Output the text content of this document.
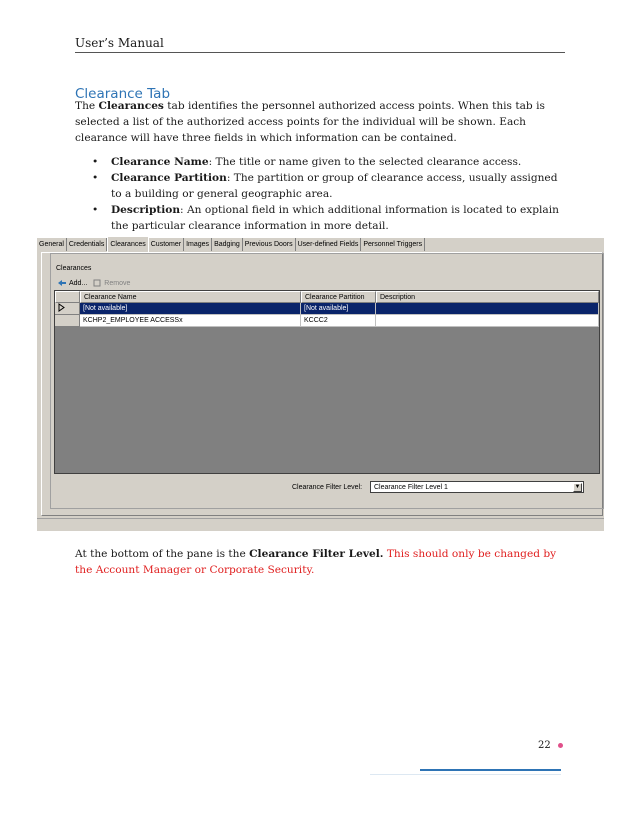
User’s Manual
Clearance Tab
The Clearances tab identifies the personnel authorized access points. When this tab is selected a list of the authorized access points for the individual will be shown. Each clearance will have three fields in which information can be contained.
• Clearance Name: The title or name given to the selected clearance access.
• Clearance Partition: The partition or group of clearance access, usually assigned to a building or general geographic area.
• Description: An optional field in which additional information is located to explain the particular clearance information in more detail.
General Credentials Clearances Customer Images Badging Previous Doors User-defined Fields Personnel Triggers
Clearances
Add... Remove
Clearance Name	Clearance Partition	Description
[Not available]	[Not available]
KCHP2_EMPLOYEE ACCESSx	KCCC2
Clearance Filter Level: Clearance Filter Level 1	▼
At the bottom of the pane is the Clearance Filter Level. This should only be changed by the Account Manager or Corporate Security.
22
